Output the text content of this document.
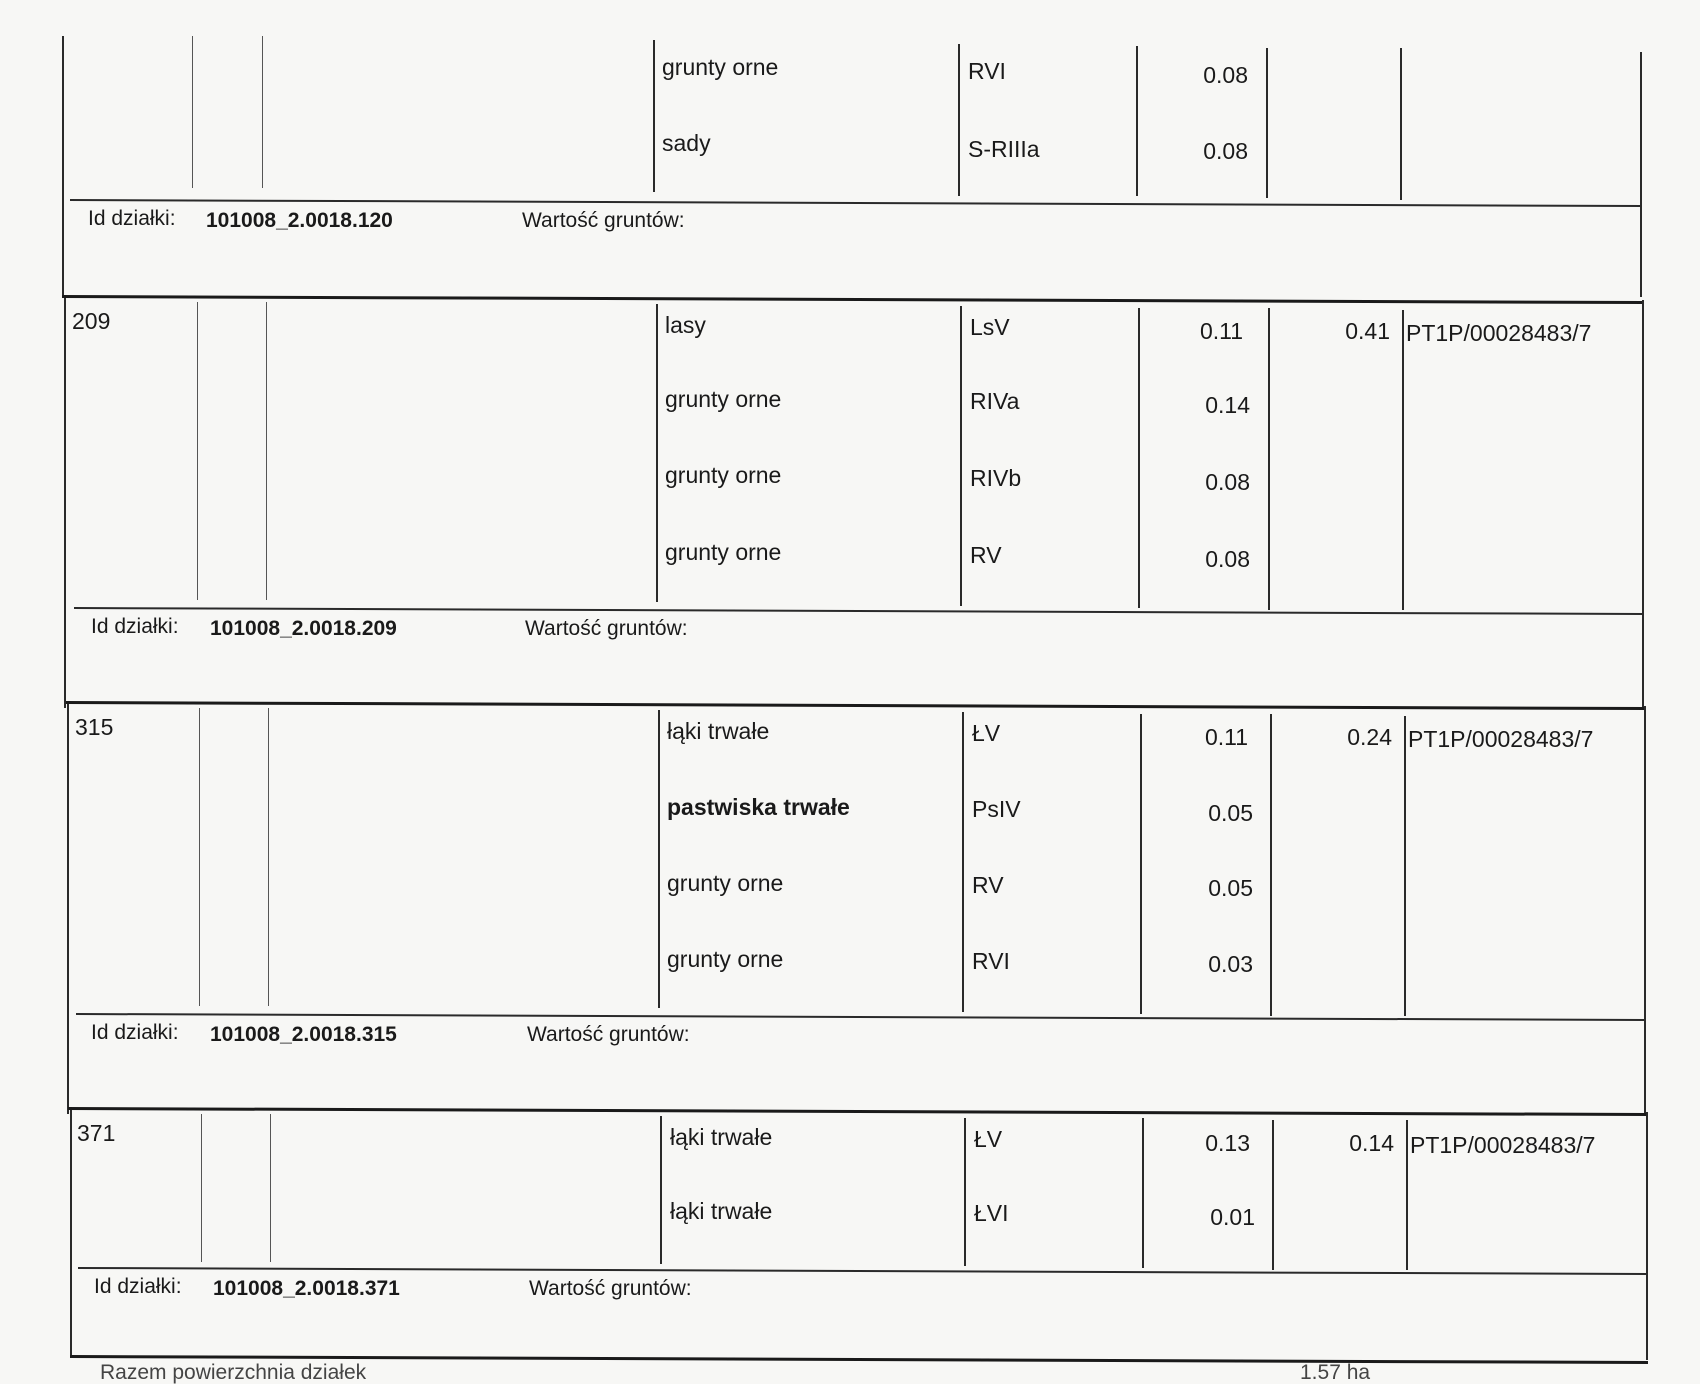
grunty orne	RVI	0.08
sady	S-RIIIa	0.08
Id działki: 101008_2.0018.120	Wartość gruntów:
209	lasy	LsV	0.11	0.41 PT1P/00028483/7
grunty orne	RIVa	0.14
grunty orne	RIVb	0.08
grunty orne	RV	0.08
Id działki: 101008_2.0018.209	Wartość gruntów:
315	łąki trwałe	ŁV	0.11	0.24 PT1P/00028483/7
pastwiska trwałe	PsIV	0.05
grunty orne	RV	0.05
grunty orne	RVI	0.03
Id działki: 101008_2.0018.315	Wartość gruntów:
371	łąki trwałe	ŁV	0.13	0.14 PT1P/00028483/7
łąki trwałe	ŁVI	0.01
Id działki: 101008_2.0018.371	Wartość gruntów:
Razem powierzchnia działek	1.57 ha
